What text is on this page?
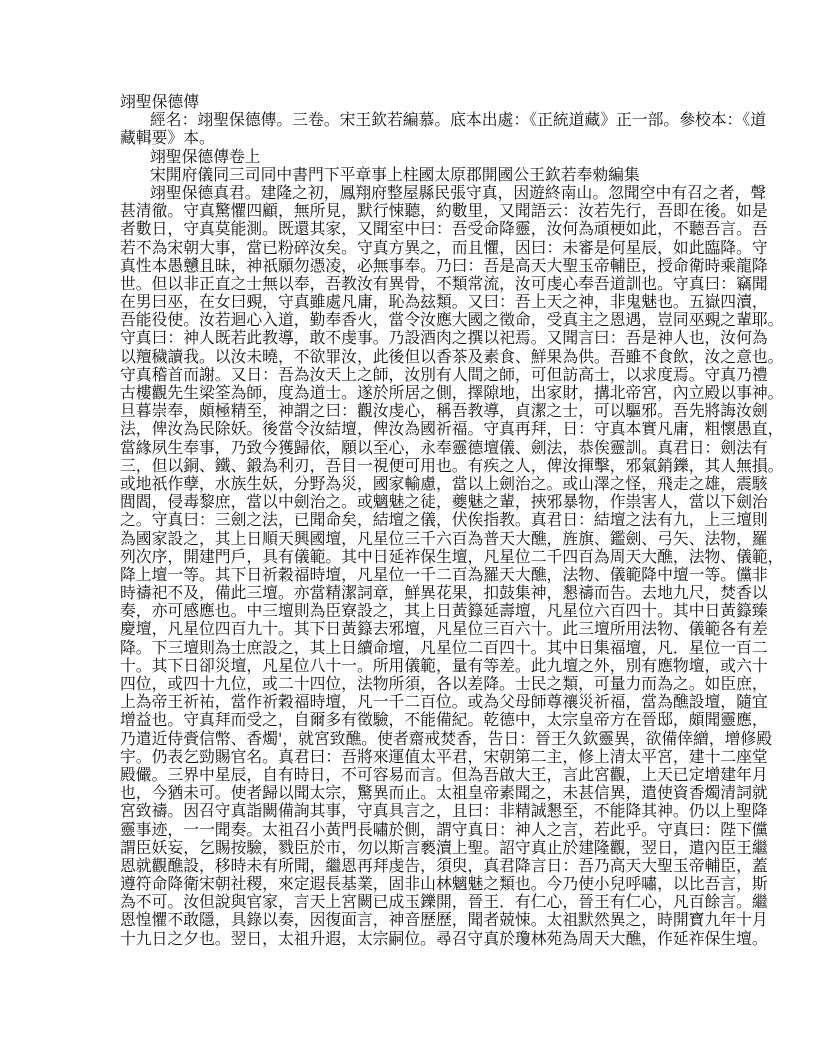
翊聖保德傳
經名：翊聖保德傳。三卷。宋王欽若編慕。底本出處：《正統道藏》正一部。參校本：《道
藏輯要》本。
翊聖保德傳卷上
宋開府儀同三司同中書門下平章事上柱國太原郡開國公王欽若奉勑編集
翊聖保德真君。建隆之初，鳳翔府整屋縣民張守真，因遊終南山。忽聞空中有召之者，聲
甚清徹。守真驚懼四顧，無所見，默行悚聽，約數里，又聞語云：汝若先行，吾即在後。如是
者數日，守真莫能測。既還其家，又聞室中曰：吾受命降靈，汝何為頑梗如此，不聽吾言。吾
若不為宋朝大事，當已粉碎汝矣。守真方異之，而且懼，因曰：未審是何星辰，如此臨降。守
真性本愚戇且昧，神祇願勿憑凌，必無事奉。乃曰：吾是高天大聖玉帝輔臣，授命衛時乘龍降
世。但以非正直之士無以奉，吾教汝有異骨，不類常流，汝可虔心奉吾道訓也。守真曰：竊聞
在男曰巫，在女曰覡，守真雖處凡庸，恥為玆類。又曰：吾上天之神，非鬼魅也。五嶽四瀆，
吾能役使。汝若迴心入道，勤奉香火，當令汝應大國之徵命，受真主之恩遇，豈同巫覡之輩耶。
守真曰：神人既若此教導，敢不虔事。乃設酒肉之撰以祀焉。又聞言曰：吾是神人也，汝何為
以羶穢讀我。以汝未曉，不欲罪汝，此後但以香茶及素食、鮮果為供。吾雖不食飲，汝之意也。
守真稽首而謝。又日：吾為汝天上之師，汝別有人間之師，可但訪高士，以求度焉。守真乃禮
古樓觀先生梁筌為師，度為道士。遂於所居之側，擇隙地，出家財，搆北帝宮，內立殿以事神。
旦暮崇奉，頗極精至，神謂之曰：觀汝虔心，稱吾教導，貞潔之士，可以驅邪。吾先將誨汝劍
法，俾汝為民除妖。後當令汝結壇，俾汝為國祈福。守真再拜，日：守真本實凡庸，粗懷愚直，
當緣夙生奉事，乃致今獲歸依，願以至心，永奉靈德壇儀、劍法，恭俟靈訓。真君日：劍法有
三，但以銅、鐵、鍛為利刃，吾目一視便可用也。有疾之人，俾汝揮擊，邪氣銷鑠，其人無損。
或地祇作孽，水族生妖，分野為災，國家輸慮，當以上劍治之。或山澤之怪，飛走之雄，震駭
閭閻，侵毒黎庶，當以中劍治之。或魑魅之徒，夔魅之輩，挾邪暴物，作祟害人，當以下劍治
之。守真曰：三劍之法，已聞命矣，結壇之儀，伏俟指教。真君日：結壇之法有九，上三壇則
為國家設之，其上日順天興國壇，凡星位三千六百為普天大醮，旌旗、鑑劍、弓矢、法物，羅
列次序，開建門戶，具有儀範。其中日延祚保生壇，凡星位二千四百為周天大醮，法物、儀範，
降上壇一等。其下日祈穀福時壇，凡星位一千二百為羅天大醮，法物、儀範降中壇一等。儻非
時禱祀不及，備此三壇。亦當精潔詞章，鮮異花果，扣鼓集神，懇禱而告。去地九尺，焚香以
奏，亦可感應也。中三壇則為臣寮設之，其上日黃籙延壽壇，凡星位六百四十。其中日黃籙臻
慶壇，凡星位四百九十。其下日黃籙去邪壇，凡星位三百六十。此三壇所用法物、儀範各有差
降。下三壇則為士庶設之，其上日續命壇，凡星位二百四十。其中日集福壇，凡．星位一百二
十。其下日卻災壇，凡星位八十一。所用儀範，量有等差。此九壇之外，別有應物壇，或六十
四位，或四十九位，或二十四位，法物所須，各以差降。士民之類，可量力而為之。如臣庶，
上為帝王祈祐，當作祈穀福時壇，凡一千二百位。或為父母師尊禳災祈福，當為醮設壇，隨宜
增益也。守真拜而受之，自爾多有徵驗，不能備紀。乾德中，太宗皇帝方在晉邸，頗聞靈應，
乃遣近侍賫信幣、香燭'，就宮致醮。使者齋戒焚香，告日：晉王久欽靈異，欲備倖繒，增修殿
宇。仍表乞勁賜官名。真君曰：吾將來運值太平君，宋朝第二主，修上清太平宮，建十二座堂
殿儼。三界中星辰，自有時日，不可容易而言。但為吾啟大王，言此宮觀，上天已定增建年月
也，今猶未可。使者歸以聞太宗，驚異而止。太祖皇帝素聞之，未甚信異，遣使資香燭清詞就
宮致禱。因召守真詣闕備詢其事，守真具言之，且曰：非精誠懇至，不能降其神。仍以上聖降
靈事迹，一一聞奏。太祖召小黃門長嘯於側，謂守真日：神人之言，若此乎。守真曰：陛下儻
謂臣妖妄，乞賜按驗，戮臣於市，勿以斯言褻瀆上聖。詔守真止於建隆觀，翌日，遣內臣王繼
恩就觀醮設，移時未有所聞，繼恩再拜虔告，須臾，真君降言日：吾乃高天大聖玉帝輔臣，蓋
遵符命降衛宋朝社稷，來定遐長基業，固非山林魑魅之類也。今乃使小兒呼嘯，以比吾言，斯
為不可。汝但說與官家，言天上宮闕已成玉鑠開，晉王．有仁心，晉王有仁心，凡百餘言。繼
恩惶懼不敢隱，具錄以奏，因復面言，神音歷歷，聞者兢悚。太祖默然異之，時開寶九年十月
十九日之夕也。翌日，太祖升遐，太宗嗣位。尋召守真於瓊林苑為周天大醮，作延祚保生壇。
